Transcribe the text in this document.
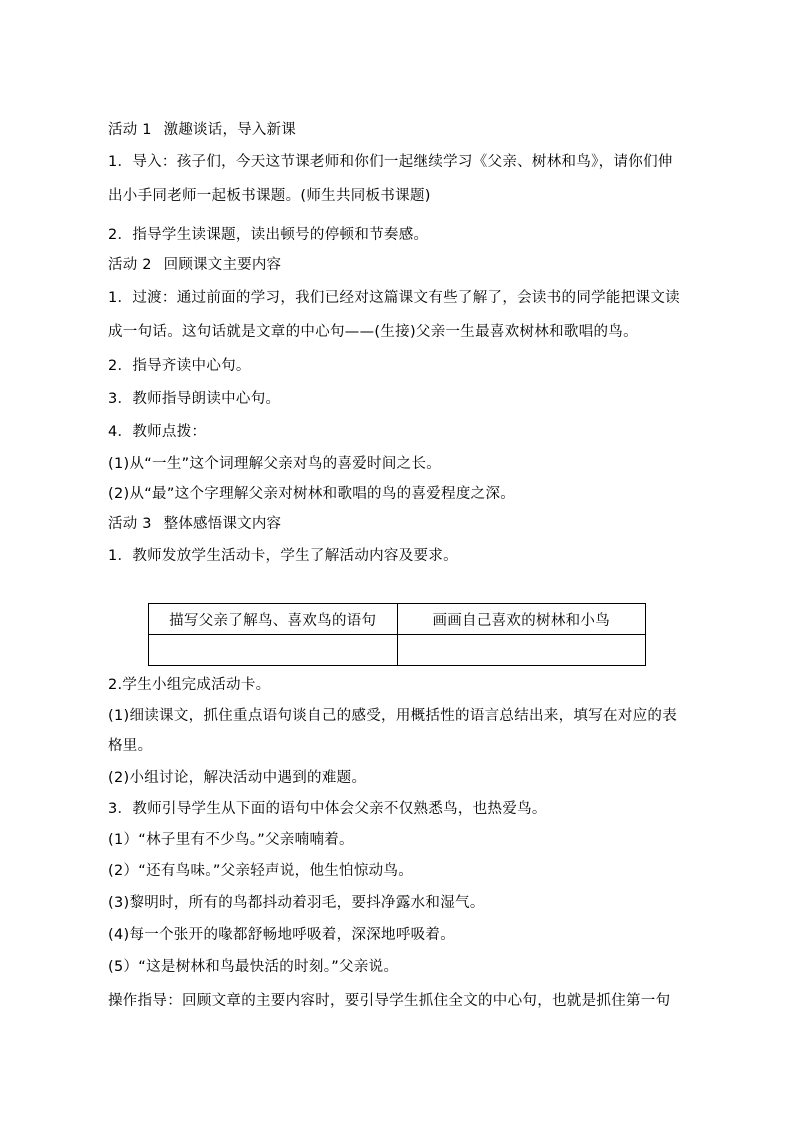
活动 1 激趣谈话，导入新课
1．导入：孩子们，今天这节课老师和你们一起继续学习《父亲、树林和鸟》，请你们伸
出小手同老师一起板书课题。(师生共同板书课题)
2．指导学生读课题，读出顿号的停顿和节奏感。
活动 2 回顾课文主要内容
1．过渡：通过前面的学习，我们已经对这篇课文有些了解了，会读书的同学能把课文读
成一句话。这句话就是文章的中心句——(生接)父亲一生最喜欢树林和歌唱的鸟。
2．指导齐读中心句。
3．教师指导朗读中心句。
4．教师点拨：
(1)从“一生”这个词理解父亲对鸟的喜爱时间之长。
(2)从“最”这个字理解父亲对树林和歌唱的鸟的喜爱程度之深。
活动 3 整体感悟课文内容
1．教师发放学生活动卡，学生了解活动内容及要求。
描写父亲了解鸟、喜欢鸟的语句	画画自己喜欢的树林和小鸟

2.学生小组完成活动卡。
(1)细读课文，抓住重点语句谈自己的感受，用概括性的语言总结出来，填写在对应的表
格里。
(2)小组讨论，解决活动中遇到的难题。
3．教师引导学生从下面的语句中体会父亲不仅熟悉鸟，也热爱鸟。
(1）“林子里有不少鸟。”父亲喃喃着。
(2）“还有鸟味。”父亲轻声说，他生怕惊动鸟。
(3)黎明时，所有的鸟都抖动着羽毛，要抖净露水和湿气。
(4)每一个张开的喙都舒畅地呼吸着，深深地呼吸着。
(5）“这是树林和鸟最快活的时刻。”父亲说。
操作指导：回顾文章的主要内容时，要引导学生抓住全文的中心句，也就是抓住第一句
